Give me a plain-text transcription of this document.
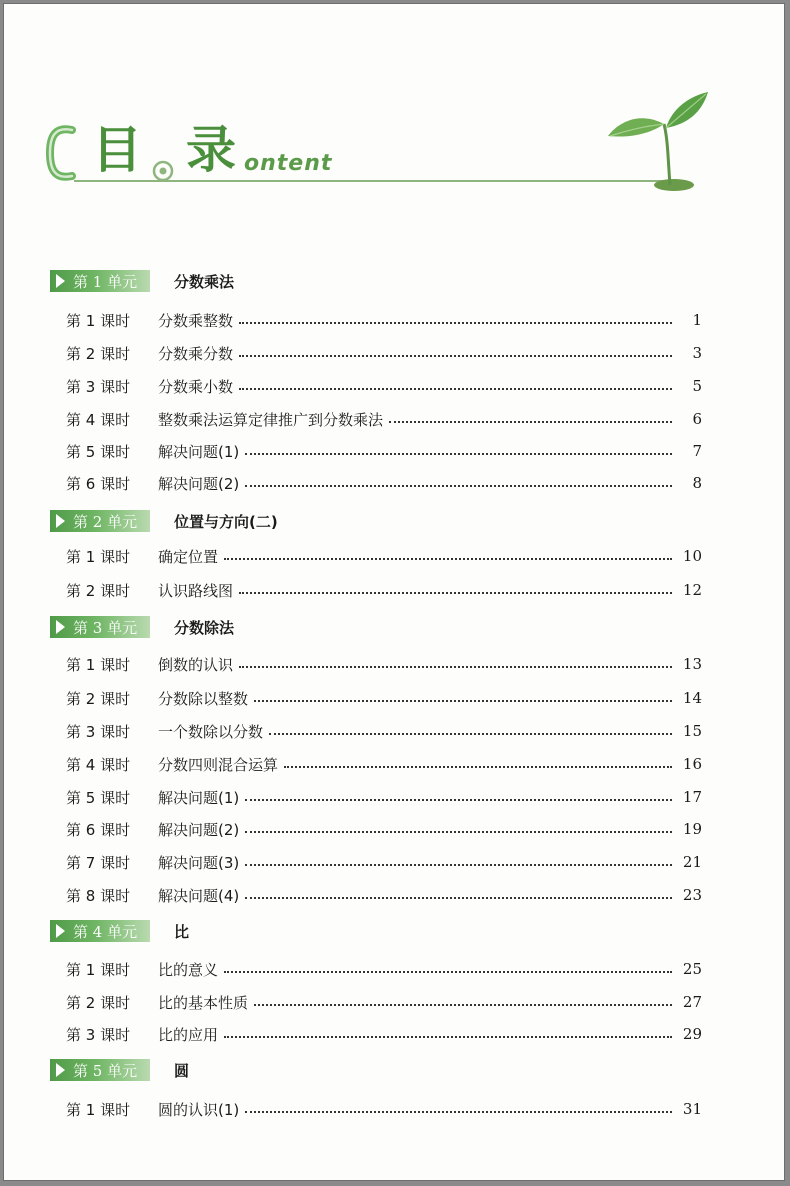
目 录 ontent
第 1 单元 分数乘法
第 1 课时	分数乘整数	1
第 2 课时	分数乘分数	3
第 3 课时	分数乘小数	5
第 4 课时	整数乘法运算定律推广到分数乘法	6
第 5 课时	解决问题(1)	7
第 6 课时	解决问题(2)	8
第 2 单元 位置与方向(二)
第 1 课时	确定位置	10
第 2 课时	认识路线图	12
第 3 单元 分数除法
第 1 课时	倒数的认识	13
第 2 课时	分数除以整数	14
第 3 课时	一个数除以分数	15
第 4 课时	分数四则混合运算	16
第 5 课时	解决问题(1)	17
第 6 课时	解决问题(2)	19
第 7 课时	解决问题(3)	21
第 8 课时	解决问题(4)	23
第 4 单元 比
第 1 课时	比的意义	25
第 2 课时	比的基本性质	27
第 3 课时	比的应用	29
第 5 单元 圆
第 1 课时	圆的认识(1)	31
